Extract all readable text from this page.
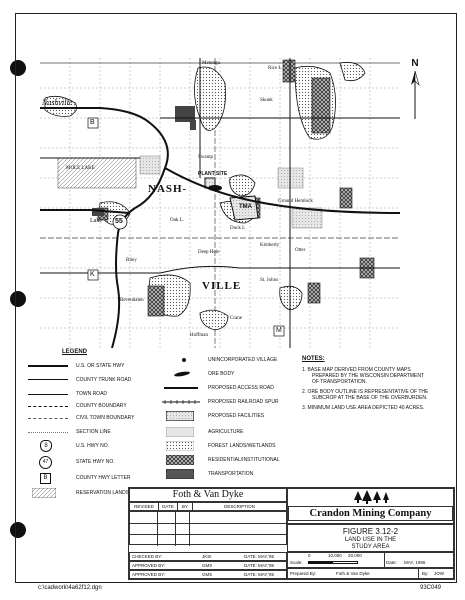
N
Nashville
NASH-
VILLE
PLANT SITE
TMA
MOLE LAKE
Lake 55
B
K
M
Metonga
Swamp
Deep Hole
Duck L
Kimberly
Oak L.
Rice L.
Skunk
Riley
Bevendalen
St. Johns
Crane
Otter
Hoffman
Ground Hemlock
LEGEND
U.S. OR STATE HWY
COUNTY TRUNK ROAD
TOWN ROAD
COUNTY BOUNDARY
CIVIL TOWN BOUNDARY
SECTION LINE
8	U.S. HWY NO.
47	STATE HWY NO.
B	COUNTY HWY LETTER
RESERVATION LANDS
UNINCORPORATED VILLAGE
ORE BODY
PROPOSED ACCESS ROAD
PROPOSED RAILROAD SPUR
PROPOSED FACILITIES
AGRICULTURE
FOREST LANDS/WETLANDS
RESIDENTIAL/INSTITUTIONAL
TRANSPORTATION
NOTES:
1. BASE MAP DERIVED FROM COUNTY MAPS
PREPARED BY THE WISCONSIN DEPARTMENT
OF TRANSPORTATION.
2. ORE BODY OUTLINE IS REPRESENTATIVE OF THE
SUBCROP AT THE BASE OF THE OVERBURDEN.
3. MINIMUM LAND USE AREA DEPICTED 40 ACRES.
Foth & Van Dyke
REVISED	DATE	BY	DESCRIPTION
Crandon Mining Company
FIGURE 3.12-2
LAND USE IN THE
STUDY AREA
CHECKED BY:	JKSI	DATE: MAY,'95
APPROVED BY:	GMS	DATE: MAY,'95
APPROVED BY:	GMS	DATE: MAY,'95
Scale:
0	10,000 20,000
Date: MAY, 1995
Prepared By:	Foth & Van Dyke	By: JOW
c:\cadwork\4a62f12.dgn	93C049
